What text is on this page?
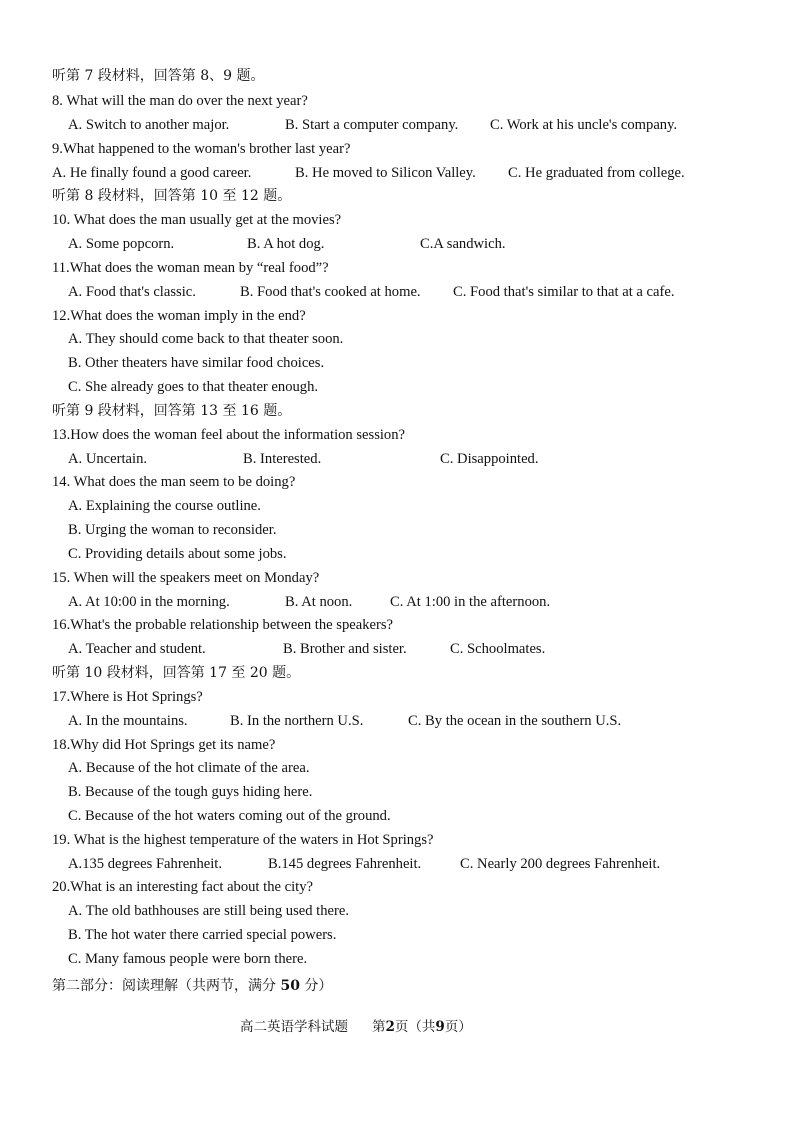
听第 7 段材料，回答第 8、9 题。
8. What will the man do over the next year?
A. Switch to another major.	B. Start a computer company. C. Work at his uncle's company.
9.What happened to the woman's brother last year?
A. He finally found a good career.	B. He moved to Silicon Valley. C. He graduated from college.
听第 8 段材料，回答第 10 至 12 题。
10. What does the man usually get at the movies?
A. Some popcorn.	B. A hot dog.	C.A sandwich.
11.What does the woman mean by “real food”?
A. Food that's classic.	B. Food that's cooked at home. C. Food that's similar to that at a cafe.
12.What does the woman imply in the end?
A. They should come back to that theater soon.
B. Other theaters have similar food choices.
C. She already goes to that theater enough.
听第 9 段材料，回答第 13 至 16 题。
13.How does the woman feel about the information session?
A. Uncertain.	B. Interested.	C. Disappointed.
14. What does the man seem to be doing?
A. Explaining the course outline.
B. Urging the woman to reconsider.
C. Providing details about some jobs.
15. When will the speakers meet on Monday?
A. At 10:00 in the morning.	B. At noon.	C. At 1:00 in the afternoon.
16.What's the probable relationship between the speakers?
A. Teacher and student.	B. Brother and sister.	C. Schoolmates.
听第 10 段材料，回答第 17 至 20 题。
17.Where is Hot Springs?
A. In the mountains.	B. In the northern U.S.	C. By the ocean in the southern U.S.
18.Why did Hot Springs get its name?
A. Because of the hot climate of the area.
B. Because of the tough guys hiding here.
C. Because of the hot waters coming out of the ground.
19. What is the highest temperature of the waters in Hot Springs?
A.135 degrees Fahrenheit.	B.145 degrees Fahrenheit.	C. Nearly 200 degrees Fahrenheit.
20.What is an interesting fact about the city?
A. The old bathhouses are still being used there.
B. The hot water there carried special powers.
C. Many famous people were born there.
第二部分：阅读理解（共两节，满分 50 分）
高二英语学科试题 第2页（共9页）
